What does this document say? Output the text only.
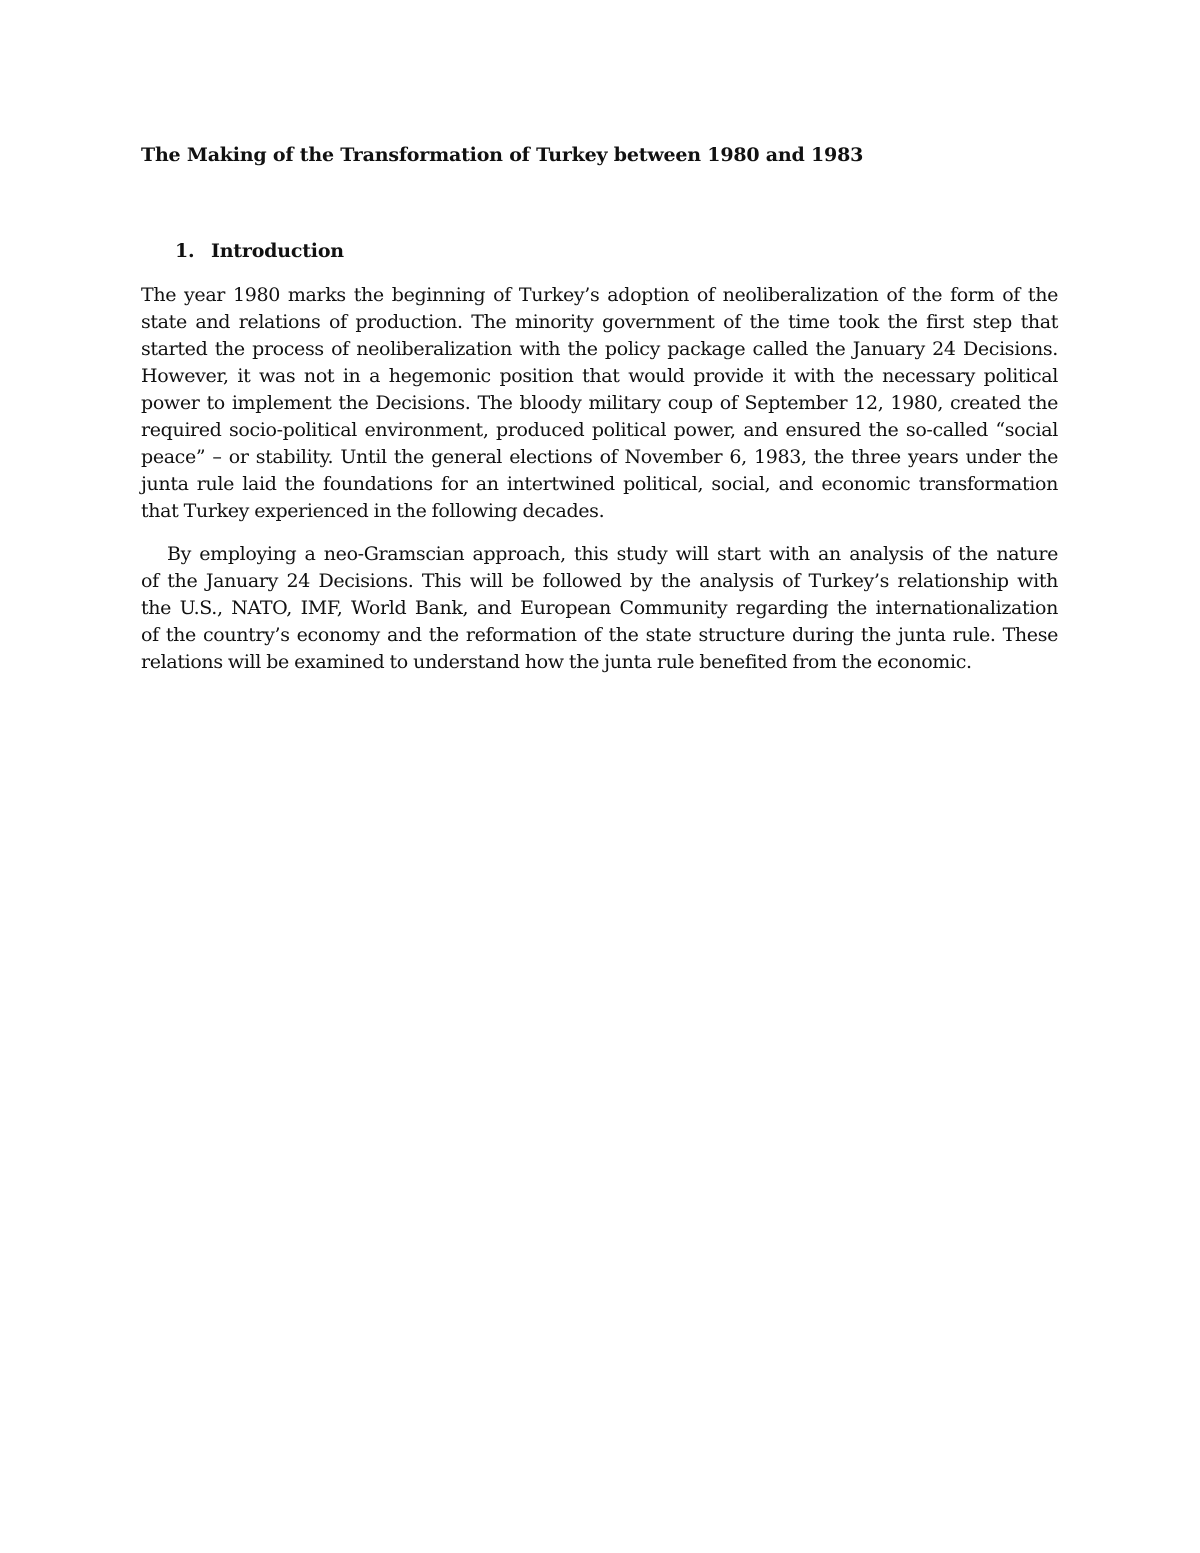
The Making of the Transformation of Turkey between 1980 and 1983
1. Introduction
The year 1980 marks the beginning of Turkey’s adoption of neoliberalization of the form of the
state and relations of production. The minority government of the time took the first step that
started the process of neoliberalization with the policy package called the January 24 Decisions.
However, it was not in a hegemonic position that would provide it with the necessary political
power to implement the Decisions. The bloody military coup of September 12, 1980, created the
required socio-political environment, produced political power, and ensured the so-called “social
peace” – or stability. Until the general elections of November 6, 1983, the three years under the
junta rule laid the foundations for an intertwined political, social, and economic transformation
that Turkey experienced in the following decades.
By employing a neo-Gramscian approach, this study will start with an analysis of the nature
of the January 24 Decisions. This will be followed by the analysis of Turkey’s relationship with
the U.S., NATO, IMF, World Bank, and European Community regarding the internationalization
of the country’s economy and the reformation of the state structure during the junta rule. These
relations will be examined to understand how the junta rule benefited from the economic.
